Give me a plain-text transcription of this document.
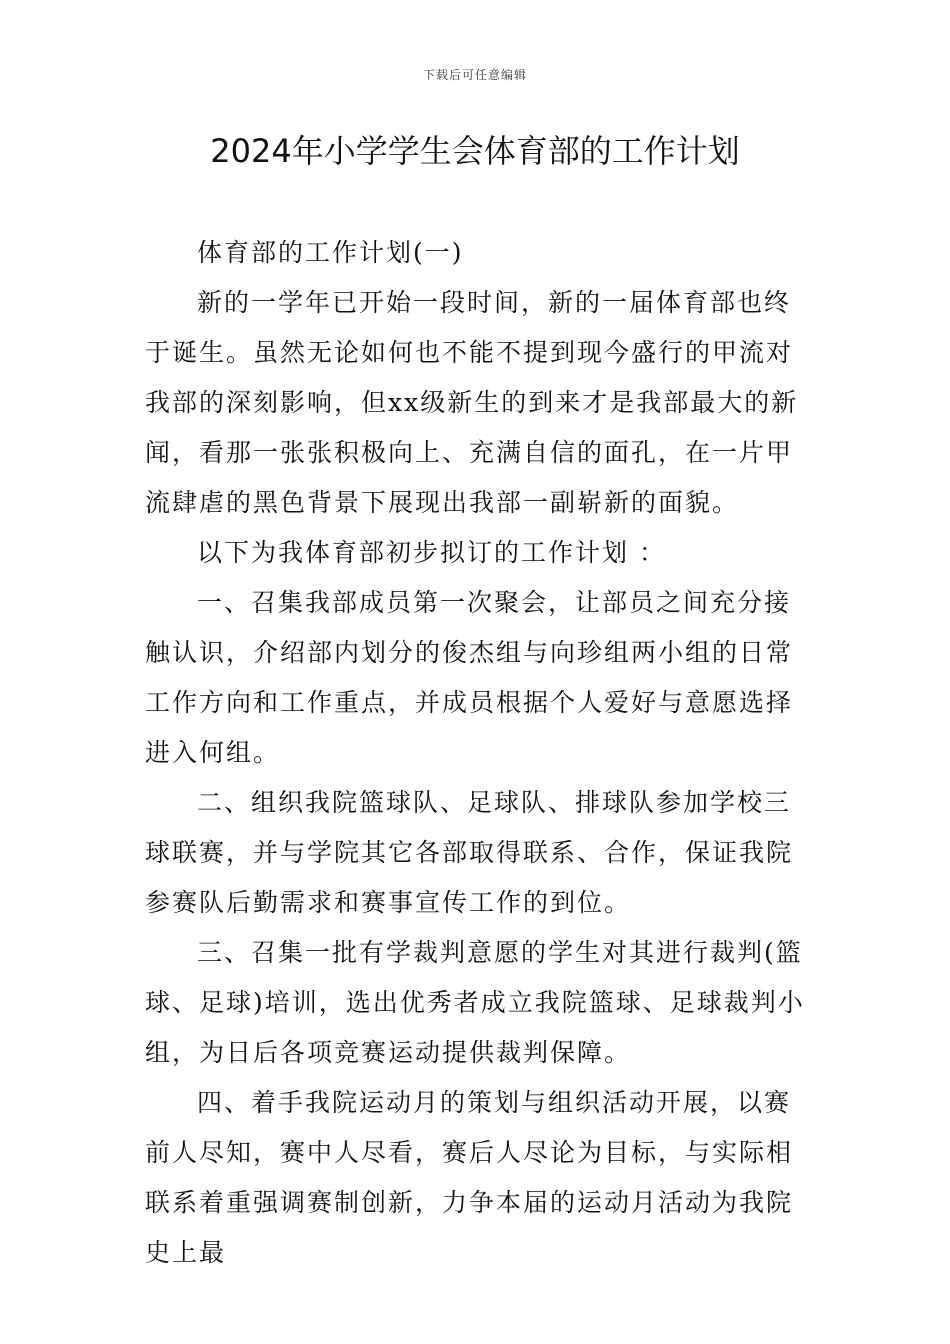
下载后可任意编辑
2024年小学学生会体育部的工作计划

体育部的工作计划(一)

新的一学年已开始一段时间，新的一届体育部也终于诞生。虽然无论如何也不能不提到现今盛行的甲流对我部的深刻影响，但xx级新生的到来才是我部最大的新闻，看那一张张积极向上、充满自信的面孔，在一片甲流肆虐的黑色背景下展现出我部一副崭新的面貌。

以下为我体育部初步拟订的工作计划 ：

一、召集我部成员第一次聚会，让部员之间充分接触认识，介绍部内划分的俊杰组与向珍组两小组的日常工作方向和工作重点，并成员根据个人爱好与意愿选择进入何组。

二、组织我院篮球队、足球队、排球队参加学校三球联赛，并与学院其它各部取得联系、合作，保证我院参赛队后勤需求和赛事宣传工作的到位。

三、召集一批有学裁判意愿的学生对其进行裁判(篮球、足球)培训，选出优秀者成立我院篮球、足球裁判小组，为日后各项竞赛运动提供裁判保障。

四、着手我院运动月的策划与组织活动开展，以赛前人尽知，赛中人尽看，赛后人尽论为目标，与实际相联系着重强调赛制创新，力争本届的运动月活动为我院史上最
